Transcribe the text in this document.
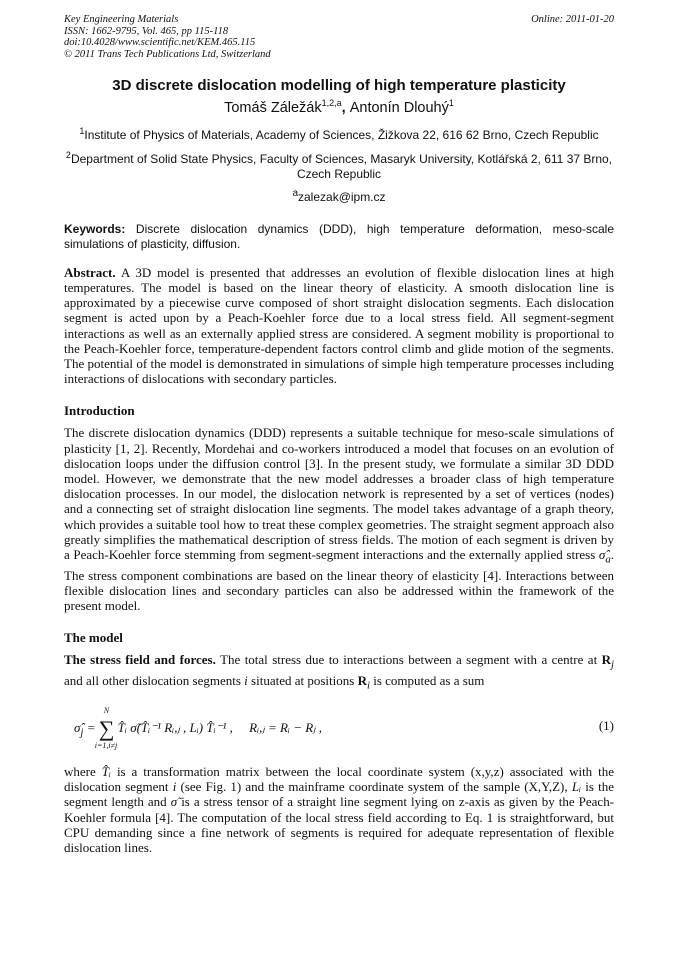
Key Engineering Materials
ISSN: 1662-9795, Vol. 465, pp 115-118
doi:10.4028/www.scientific.net/KEM.465.115
© 2011 Trans Tech Publications Ltd, Switzerland
Online: 2011-01-20
3D discrete dislocation modelling of high temperature plasticity
Tomáš Záležák$^{1,2,a}$, Antonín Dlouhý$^1$
$^1$Institute of Physics of Materials, Academy of Sciences, Žižkova 22, 616 62 Brno, Czech Republic
$^2$Department of Solid State Physics, Faculty of Sciences, Masaryk University, Kotlářská 2, 611 37 Brno, Czech Republic
$^a$zalezak@ipm.cz

Keywords: Discrete dislocation dynamics (DDD), high temperature deformation, meso-scale simulations of plasticity, diffusion.

Abstract. A 3D model is presented that addresses an evolution of flexible dislocation lines at high temperatures. The model is based on the linear theory of elasticity. A smooth dislocation line is approximated by a piecewise curve composed of short straight dislocation segments. Each dislocation segment is acted upon by a Peach-Koehler force due to a local stress field. All segment-segment interactions as well as an externally applied stress are considered. A segment mobility is proportional to the Peach-Koehler force, temperature-dependent factors control climb and glide motion of the segments. The potential of the model is demonstrated in simulations of simple high temperature processes including interactions of dislocations with secondary particles.

Introduction

The discrete dislocation dynamics (DDD) represents a suitable technique for meso-scale simulations of plasticity [1, 2]. Recently, Mordehai and co-workers introduced a model that focuses on an evolution of dislocation loops under the diffusion control [3]. In the present study, we formulate a similar 3D DDD model. However, we demonstrate that the new model addresses a broader class of high temperature dislocation processes. In our model, the dislocation network is represented by a set of vertices (nodes) and a connecting set of straight dislocation line segments. The model takes advantage of a graph theory, which provides a suitable tool how to treat these complex geometries. The straight segment approach also greatly simplifies the mathematical description of stress fields. The motion of each segment is driven by a Peach-Koehler force stemming from segment-segment interactions and the externally applied stress $\sigmâ_a$. The stress component combinations are based on the linear theory of elasticity [4]. Interactions between flexible dislocation lines and secondary particles can also be addressed within the framework of the present model.

The model

The stress field and forces. The total stress due to interactions between a segment with a centre at $R_j$ and all other dislocation segments i situated at positions $R_i$ is computed as a sum

$\sigmâ_j$ = ∑
N
i=1,i≠j
T̂ᵢ σ̃(T̂ᵢ⁻¹ Rᵢ,ⱼ , Lᵢ) T̂ᵢ⁻¹ , Rᵢ,ⱼ = Rᵢ − Rⱼ ,	(1)

where T̂ᵢ is a transformation matrix between the local coordinate system (x,y,z) associated with the dislocation segment i (see Fig. 1) and the mainframe coordinate system of the sample (X,Y,Z), Lᵢ is the segment length and σ̃ is a stress tensor of a straight line segment lying on z-axis as given by the Peach-Koehler formula [4]. The computation of the local stress field according to Eq. 1 is straightforward, but CPU demanding since a fine network of segments is required for adequate representation of flexible dislocation lines.
